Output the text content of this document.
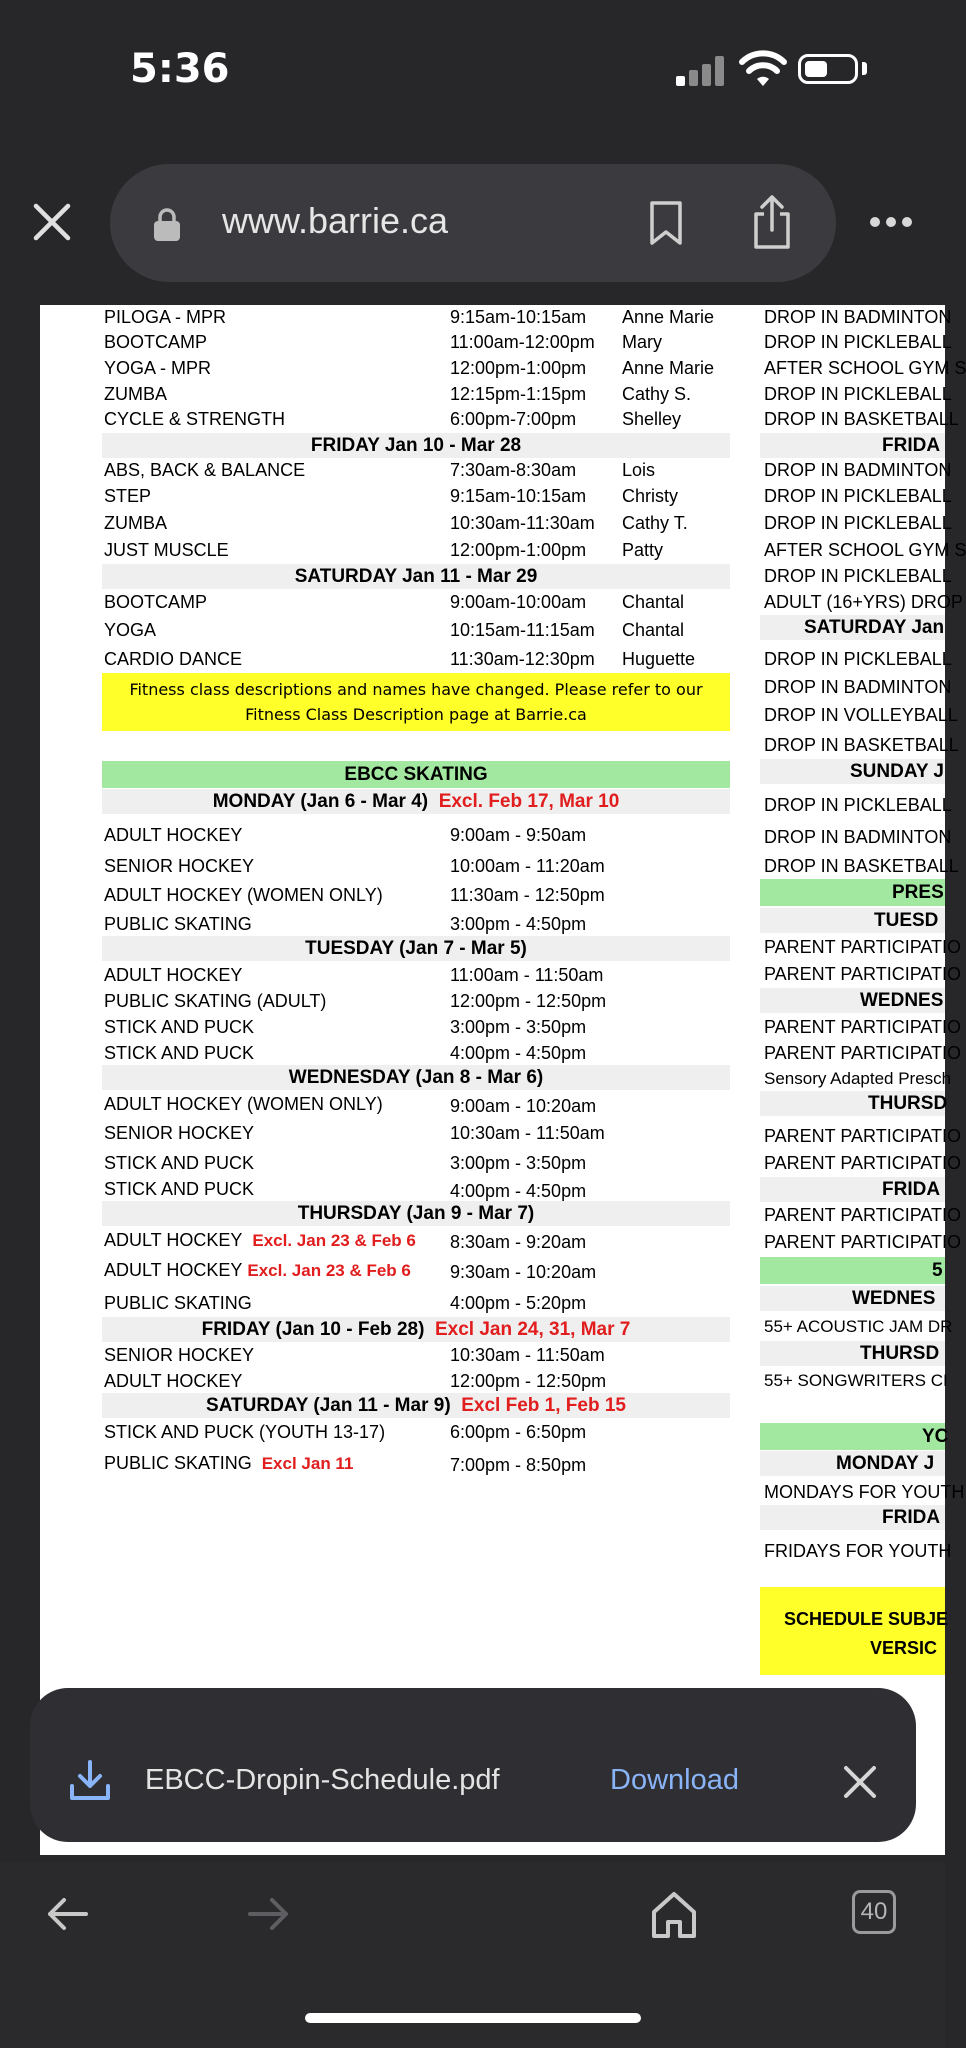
5:36
www.barrie.ca
PILOGA - MPR	9:15am-10:15am Anne Marie
BOOTCAMP	11:00am-12:00pm Mary
YOGA - MPR	12:00pm-1:00pm Anne Marie
ZUMBA	12:15pm-1:15pm Cathy S.
CYCLE & STRENGTH	6:00pm-7:00pm	Shelley
FRIDAY Jan 10 - Mar 28
ABS, BACK & BALANCE	7:30am-8:30am	Lois
STEP	9:15am-10:15am Christy
ZUMBA	10:30am-11:30am Cathy T.
JUST MUSCLE	12:00pm-1:00pm Patty
SATURDAY Jan 11 - Mar 29
BOOTCAMP	9:00am-10:00am Chantal
YOGA	10:15am-11:15am Chantal
CARDIO DANCE	11:30am-12:30pm Huguette
Fitness class descriptions and names have changed. Please refer to our
Fitness Class Description page at Barrie.ca
EBCC SKATING
MONDAY (Jan 6 - Mar 4) Excl. Feb 17, Mar 10
ADULT HOCKEY	9:00am - 9:50am
SENIOR HOCKEY	10:00am - 11:20am
ADULT HOCKEY (WOMEN ONLY)	11:30am - 12:50pm
PUBLIC SKATING	3:00pm - 4:50pm
TUESDAY (Jan 7 - Mar 5)
ADULT HOCKEY	11:00am - 11:50am
PUBLIC SKATING (ADULT)	12:00pm - 12:50pm
STICK AND PUCK	3:00pm - 3:50pm
STICK AND PUCK	4:00pm - 4:50pm
WEDNESDAY (Jan 8 - Mar 6)
ADULT HOCKEY (WOMEN ONLY)	9:00am - 10:20am
SENIOR HOCKEY	10:30am - 11:50am
STICK AND PUCK	3:00pm - 3:50pm
STICK AND PUCK	4:00pm - 4:50pm
THURSDAY (Jan 9 - Mar 7)
ADULT HOCKEY Excl. Jan 23 & Feb 6 8:30am - 9:20am
ADULT HOCKEY Excl. Jan 23 & Feb 6 9:30am - 10:20am
PUBLIC SKATING	4:00pm - 5:20pm
FRIDAY (Jan 10 - Feb 28) Excl Jan 24, 31, Mar 7
SENIOR HOCKEY	10:30am - 11:50am
ADULT HOCKEY	12:00pm - 12:50pm
SATURDAY (Jan 11 - Mar 9) Excl Feb 1, Feb 15
STICK AND PUCK (YOUTH 13-17)	6:00pm - 6:50pm
PUBLIC SKATING Excl Jan 11	7:00pm - 8:50pm
DROP IN BADMINTON
DROP IN PICKLEBALL
AFTER SCHOOL GYM S
DROP IN PICKLEBALL
DROP IN BASKETBALL
FRIDA
DROP IN BADMINTON
DROP IN PICKLEBALL
DROP IN PICKLEBALL
AFTER SCHOOL GYM S
DROP IN PICKLEBALL
ADULT (16+YRS) DROP
SATURDAY Jan
DROP IN PICKLEBALL
DROP IN BADMINTON
DROP IN VOLLEYBALL
DROP IN BASKETBALL
SUNDAY J
DROP IN PICKLEBALL
DROP IN BADMINTON
DROP IN BASKETBALL
PRES
TUESD
PARENT PARTICIPATIO
PARENT PARTICIPATIO
WEDNES
PARENT PARTICIPATIO
PARENT PARTICIPATIO
Sensory Adapted Presch
THURSD
PARENT PARTICIPATIO
PARENT PARTICIPATIO
FRIDA
PARENT PARTICIPATIO
PARENT PARTICIPATIO
5
WEDNES
55+ ACOUSTIC JAM DR
THURSD
55+ SONGWRITERS CI
YC
MONDAY J
MONDAYS FOR YOUTH
FRIDA
FRIDAYS FOR YOUTH
SCHEDULE SUBJE
VERSIC
EBCC-Dropin-Schedule.pdf	Download
40
